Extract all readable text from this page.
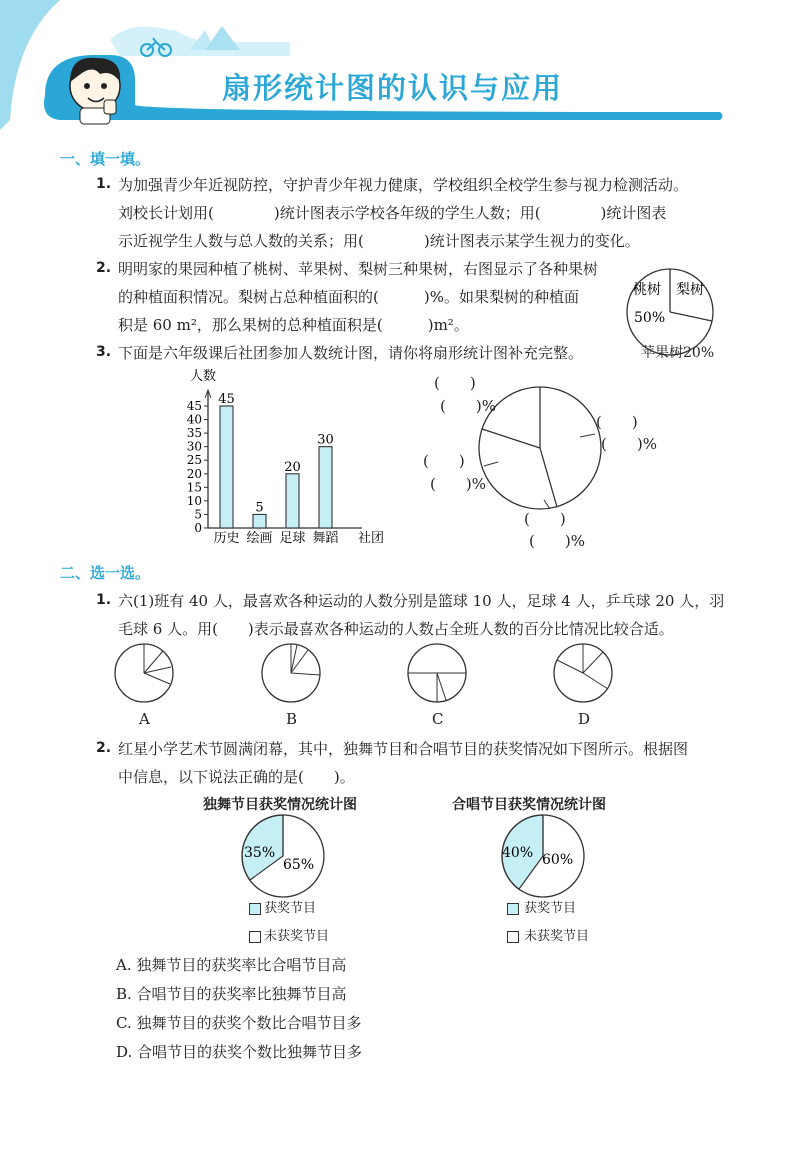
扇形统计图的认识与应用
一、填一填。
1. 为加强青少年近视防控，守护青少年视力健康，学校组织全校学生参与视力检测活动。
刘校长计划用(　　　　)统计图表示学校各年级的学生人数；用(　　　　)统计图表
示近视学生人数与总人数的关系；用(　　　　)统计图表示某学生视力的变化。
2. 明明家的果园种植了桃树、苹果树、梨树三种果树，右图显示了各种果树
的种植面积情况。梨树占总种植面积的(　　　)%。如果梨树的种植面
积是 60 m²，那么果树的总种植面积是(　　　)m²。
桃树 梨树
50%
苹果树20%
3. 下面是六年级课后社团参加人数统计图，请你将扇形统计图补充完整。
0
5
10
15
20
25
30
35
40
45 45
历史
5
绘画
20
足球
30
舞蹈
人数
社团
(　　)
(　　)%
(　　)
(　　)%
(　　)
(　　)%
(　　)
(　　)%
二、选一选。
1. 六(1)班有 40 人，最喜欢各种运动的人数分别是篮球 10 人，足球 4 人，乒乓球 20 人，羽
毛球 6 人。用(　　)表示最喜欢各种运动的人数占全班人数的百分比情况比较合适。
A	B	C	D
2. 红星小学艺术节圆满闭幕，其中，独舞节目和合唱节目的获奖情况如下图所示。根据图
中信息，以下说法正确的是(　　)。
独舞节目获奖情况统计图	合唱节目获奖情况统计图
35%
65%
40% 60%
获奖节目
未获奖节目
获奖节目
未获奖节目
A. 独舞节目的获奖率比合唱节目高
B. 合唱节目的获奖率比独舞节目高
C. 独舞节目的获奖个数比合唱节目多
D. 合唱节目的获奖个数比独舞节目多
